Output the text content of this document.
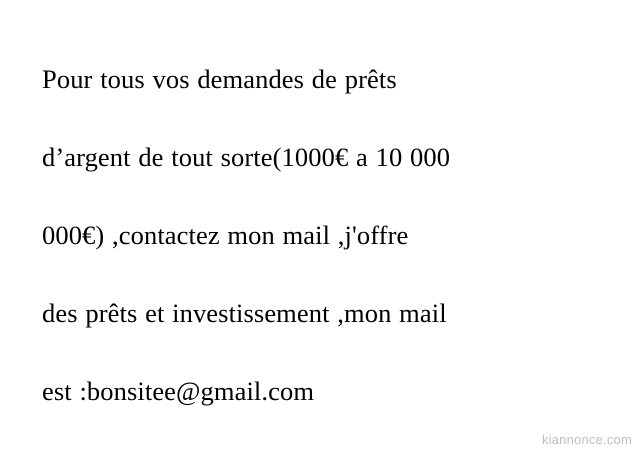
Pour tous vos demandes de prêts
d’argent de tout sorte(1000€ a 10 000
000€) ,contactez mon mail ,j'offre
des prêts et investissement ,mon mail
est :bonsitee@gmail.com
kiannonce.com
